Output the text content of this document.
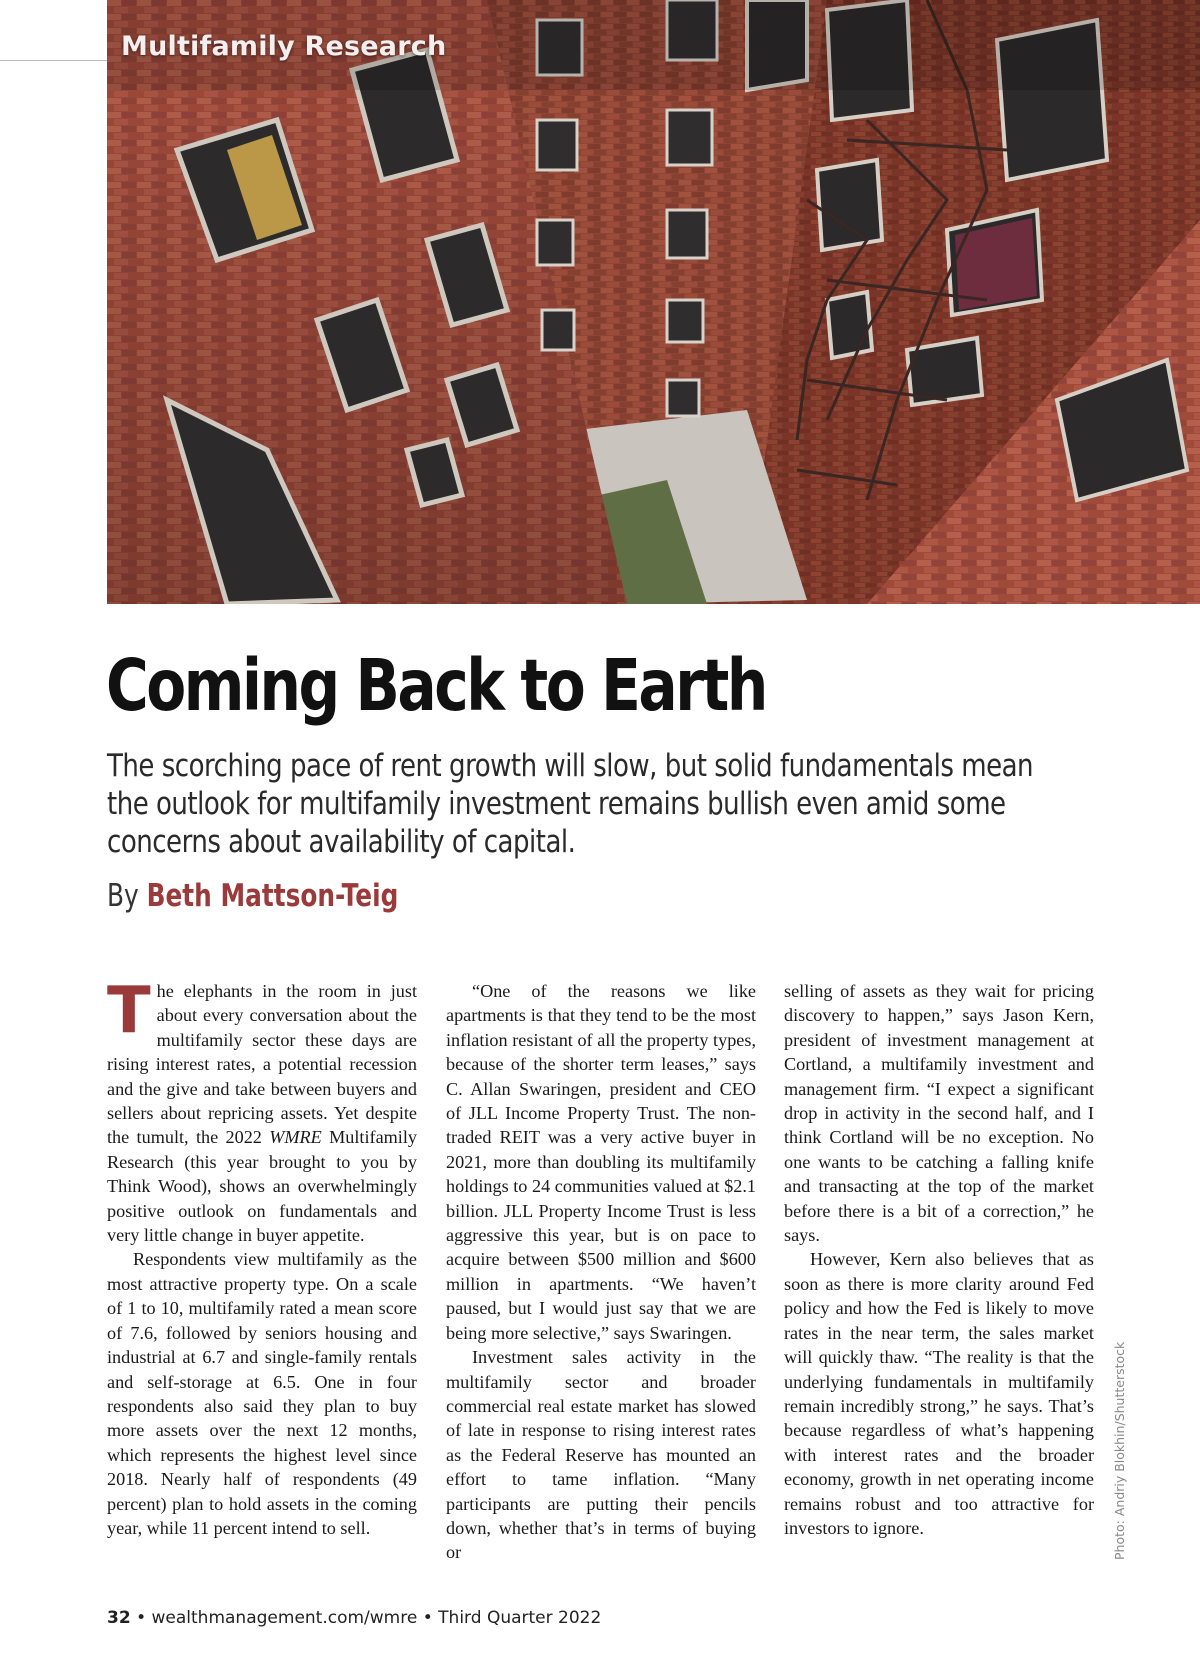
Multifamily Research
Coming Back to Earth

The scorching pace of rent growth will slow, but solid fundamentals mean the outlook for multifamily investment remains bullish even amid some concerns about availability of capital.

By Beth Mattson-Teig

The elephants in the room in just about every conversation about the multifamily sector these days are rising interest rates, a potential recession and the give and take between buyers and sellers about repricing assets. Yet despite the tumult, the 2022 WMRE Multifamily Research (this year brought to you by Think Wood), shows an overwhelmingly positive outlook on fundamentals and very little change in buyer appetite.

Respondents view multifamily as the most attractive property type. On a scale of 1 to 10, multifamily rated a mean score of 7.6, followed by seniors housing and industrial at 6.7 and single-family rentals and self-storage at 6.5. One in four respondents also said they plan to buy more assets over the next 12 months, which represents the highest level since 2018. Nearly half of respondents (49 percent) plan to hold assets in the coming year, while 11 percent intend to sell.

“One of the reasons we like apartments is that they tend to be the most inflation resistant of all the property types, because of the shorter term leases,” says C. Allan Swaringen, president and CEO of JLL Income Property Trust. The non-traded REIT was a very active buyer in 2021, more than doubling its multifamily holdings to 24 communities valued at $2.1 billion. JLL Property Income Trust is less aggressive this year, but is on pace to acquire between $500 million and $600 million in apartments. “We haven’t paused, but I would just say that we are being more selective,” says Swaringen.

Investment sales activity in the multifamily sector and broader commercial real estate market has slowed of late in response to rising interest rates as the Federal Reserve has mounted an effort to tame inflation. “Many participants are putting their pencils down, whether that’s in terms of buying or

selling of assets as they wait for pricing discovery to happen,” says Jason Kern, president of investment management at Cortland, a multifamily investment and management firm. “I expect a significant drop in activity in the second half, and I think Cortland will be no exception. No one wants to be catching a falling knife and transacting at the top of the market before there is a bit of a correction,” he says.

However, Kern also believes that as soon as there is more clarity around Fed policy and how the Fed is likely to move rates in the near term, the sales market will quickly thaw. “The reality is that the underlying fundamentals in multifamily remain incredibly strong,” he says. That’s because regardless of what’s happening with interest rates and the broader economy, growth in net operating income remains robust and too attractive for investors to ignore.	Photo: Andriy Blokhin/Shutterstock
32 • wealthmanagement.com/wmre • Third Quarter 2022
